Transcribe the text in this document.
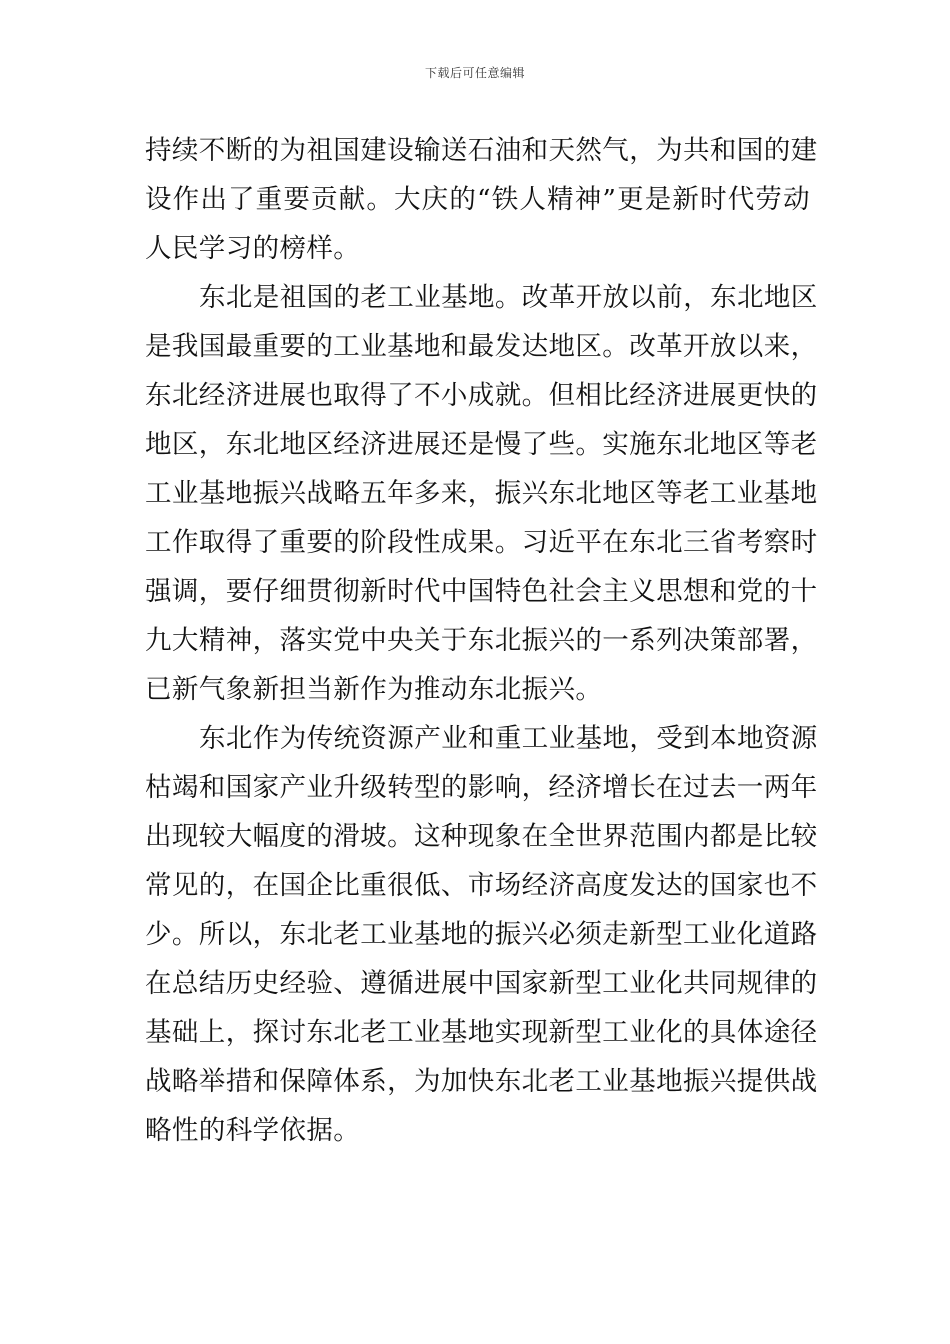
下载后可任意编辑
持续不断的为祖国建设输送石油和天然气，为共和国的建
设作出了重要贡献。大庆的“铁人精神”更是新时代劳动
人民学习的榜样。
东北是祖国的老工业基地。改革开放以前，东北地区
是我国最重要的工业基地和最发达地区。改革开放以来，
东北经济进展也取得了不小成就。但相比经济进展更快的
地区，东北地区经济进展还是慢了些。实施东北地区等老
工业基地振兴战略五年多来，振兴东北地区等老工业基地
工作取得了重要的阶段性成果。习近平在东北三省考察时
强调，要仔细贯彻新时代中国特色社会主义思想和党的十
九大精神，落实党中央关于东北振兴的一系列决策部署，
已新气象新担当新作为推动东北振兴。
东北作为传统资源产业和重工业基地，受到本地资源
枯竭和国家产业升级转型的影响，经济增长在过去一两年
出现较大幅度的滑坡。这种现象在全世界范围内都是比较
常见的，在国企比重很低、市场经济高度发达的国家也不
少。所以，东北老工业基地的振兴必须走新型工业化道路
在总结历史经验、遵循进展中国家新型工业化共同规律的
基础上，探讨东北老工业基地实现新型工业化的具体途径
战略举措和保障体系，为加快东北老工业基地振兴提供战
略性的科学依据。
